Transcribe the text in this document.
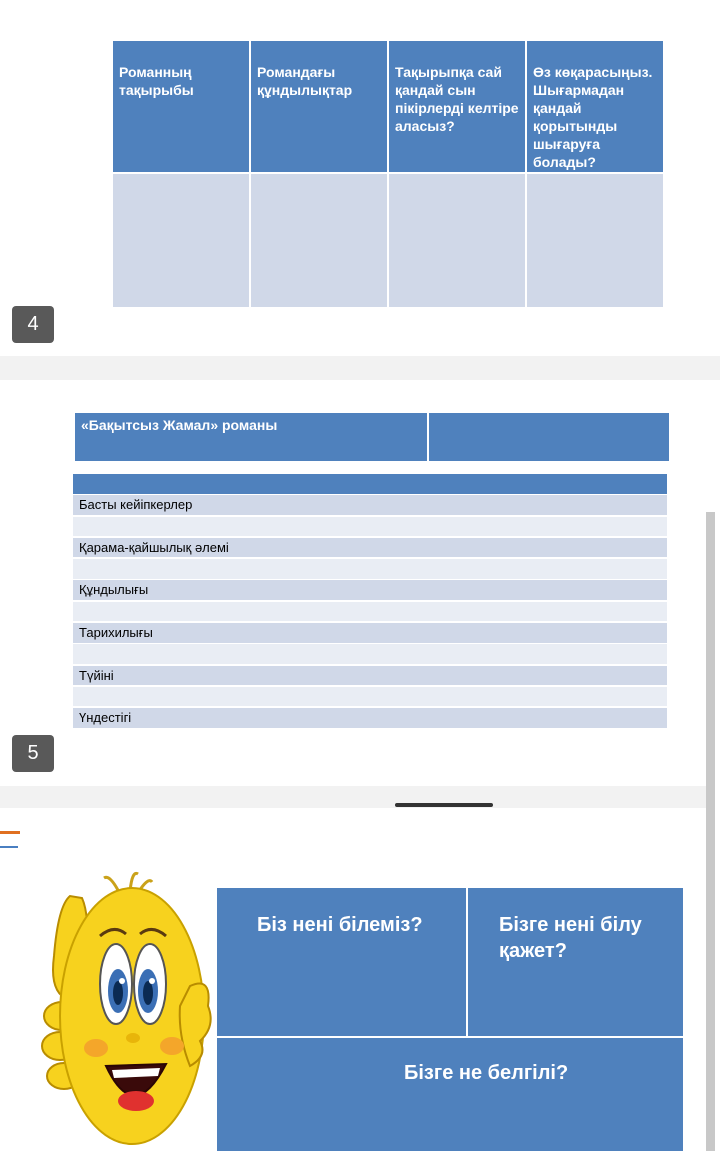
Романның тақырыбы
Романдағы құндылықтар
Тақырыпқа сай қандай сын пікірлерді келтіре аласыз?
Өз көқарасыңыз. Шығармадан қандай қорытынды шығаруға болады?
4
«Бақытсыз Жамал» романы
Басты кейіпкерлер
Қарама-қайшылық әлемі
Құндылығы
Тарихилығы
Түйіні
Үндестігі
5
Біз нені білеміз?	Бізге нені білу қажет?
Бізге не белгілі?
